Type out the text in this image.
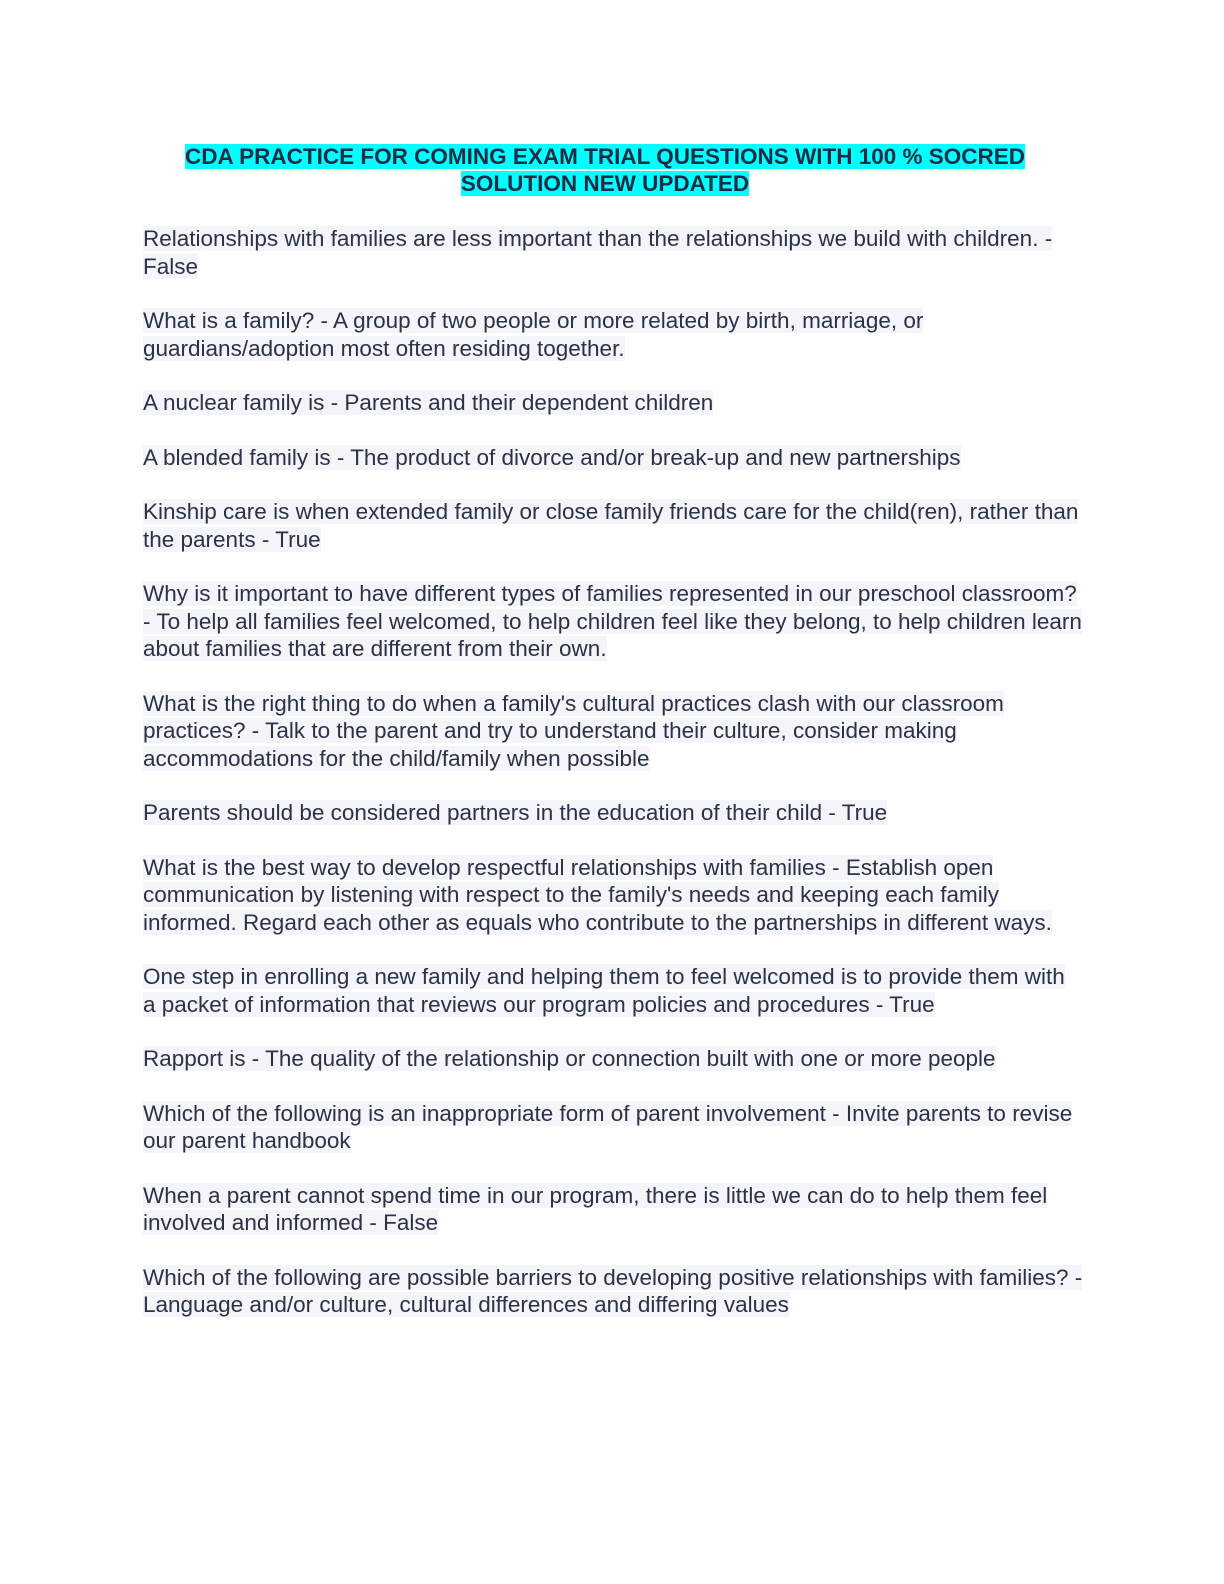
CDA PRACTICE FOR COMING EXAM TRIAL QUESTIONS WITH 100 % SOCRED
SOLUTION NEW UPDATED

Relationships with families are less important than the relationships we build with children. - False

What is a family? - A group of two people or more related by birth, marriage, or guardians/adoption most often residing together.

A nuclear family is - Parents and their dependent children

A blended family is - The product of divorce and/or break-up and new partnerships

Kinship care is when extended family or close family friends care for the child(ren), rather than the parents - True

Why is it important to have different types of families represented in our preschool classroom? - To help all families feel welcomed, to help children feel like they belong, to help children learn about families that are different from their own.

What is the right thing to do when a family's cultural practices clash with our classroom practices? - Talk to the parent and try to understand their culture, consider making accommodations for the child/family when possible

Parents should be considered partners in the education of their child - True

What is the best way to develop respectful relationships with families - Establish open communication by listening with respect to the family's needs and keeping each family informed. Regard each other as equals who contribute to the partnerships in different ways.

One step in enrolling a new family and helping them to feel welcomed is to provide them with a packet of information that reviews our program policies and procedures - True

Rapport is - The quality of the relationship or connection built with one or more people

Which of the following is an inappropriate form of parent involvement - Invite parents to revise our parent handbook

When a parent cannot spend time in our program, there is little we can do to help them feel involved and informed - False

Which of the following are possible barriers to developing positive relationships with families? - Language and/or culture, cultural differences and differing values
